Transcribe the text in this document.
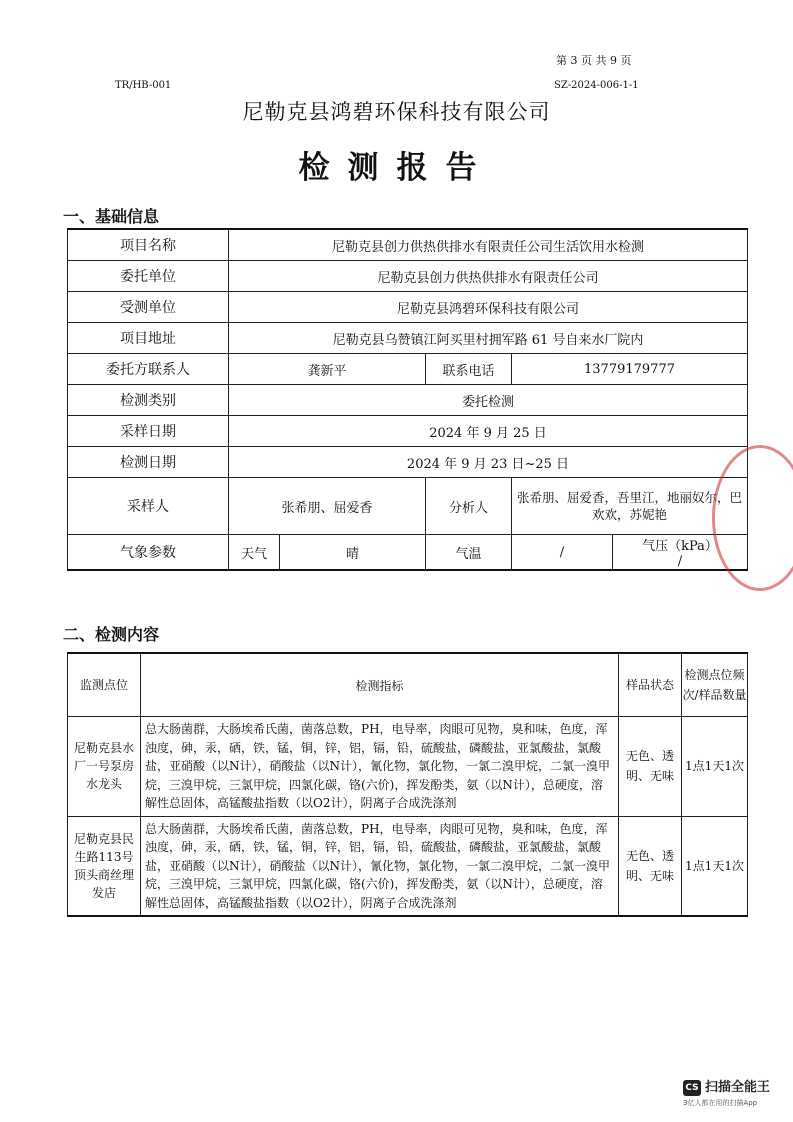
第 3 页 共 9 页
TR/HB-001	SZ-2024-006-1-1
尼勒克县鸿碧环保科技有限公司
检测报告
一、基础信息
项目名称	尼勒克县创力供热供排水有限责任公司生活饮用水检测				
委托单位	尼勒克县创力供热供排水有限责任公司				
受测单位	尼勒克县鸿碧环保科技有限公司				
项目地址	尼勒克县乌赞镇江阿买里村拥军路 61 号自来水厂院内				
委托方联系人	龚新平		联系电话	13779179777	
检测类别	委托检测				
采样日期	2024 年 9 月 25 日				
检测日期	2024 年 9 月 23 日~25 日				
采样人	张希朋、屈爱香		分析人	张希朋、屈爱香，吾里江，地丽奴尔，巴欢欢，苏妮艳	
气象参数	天气	晴	气温	/	气压（kPa） /
二、检测内容
监测点位	检测指标	样品状态	检测点位频次/样品数量
尼勒克县水厂一号泵房水龙头	总大肠菌群，大肠埃希氏菌，菌落总数，PH，电导率，肉眼可见物，臭和味，色度，浑浊度，砷，汞，硒，铁，锰，铜，锌，铝，镉，铅，硫酸盐，磷酸盐，亚氯酸盐，氯酸盐，亚硝酸（以N计），硝酸盐（以N计），氰化物，氯化物，一氯二溴甲烷，二氯一溴甲烷，三溴甲烷，三氯甲烷，四氯化碳，铬(六价)，挥发酚类，氨（以N计），总硬度，溶解性总固体，高锰酸盐指数（以O2计），阴离子合成洗涤剂	无色、透明、无味	1点1天1次
尼勒克县民生路113号顶头商丝理发店	总大肠菌群，大肠埃希氏菌，菌落总数，PH，电导率，肉眼可见物，臭和味，色度，浑浊度，砷，汞，硒，铁，锰，铜，锌，铝，镉，铅，硫酸盐，磷酸盐，亚氯酸盐，氯酸盐，亚硝酸（以N计），硝酸盐（以N计），氰化物，氯化物，一氯二溴甲烷，二氯一溴甲烷，三溴甲烷，三氯甲烷，四氯化碳，铬(六价)，挥发酚类，氨（以N计），总硬度，溶解性总固体，高锰酸盐指数（以O2计），阴离子合成洗涤剂	无色、透明、无味	1点1天1次
CS 扫描全能王
3亿人都在用的扫描App
